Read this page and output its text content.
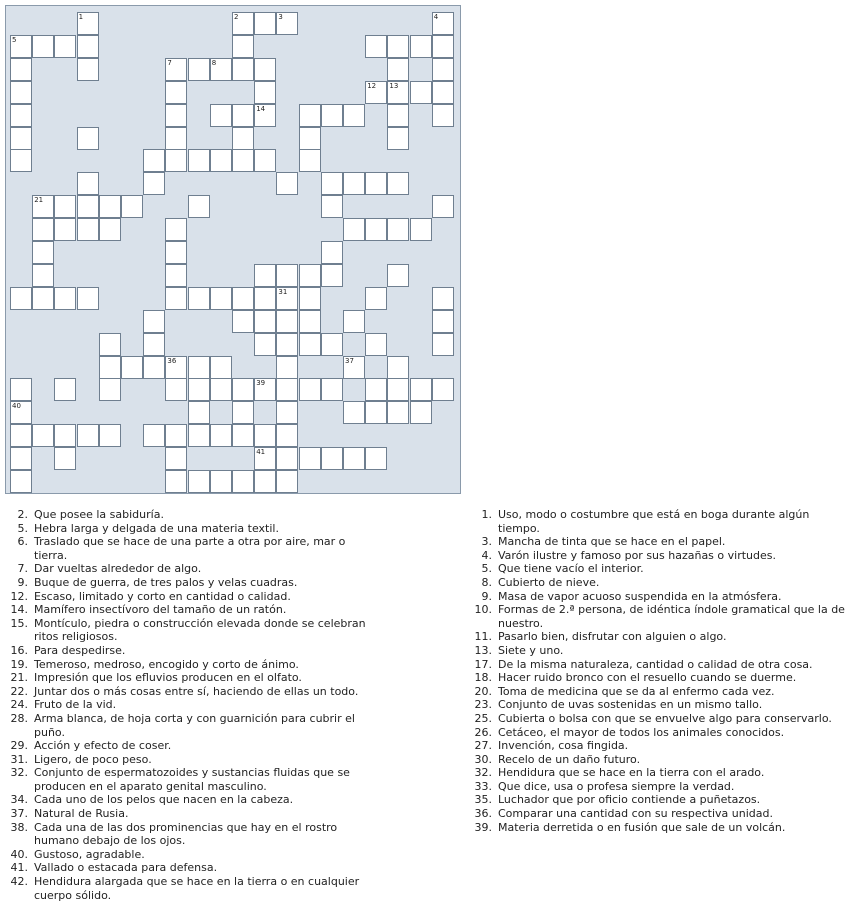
1	2	3	4
5
7	8
12 13
14
21
31
36	37
39
40
41
2. Que posee la sabiduría.
5. Hebra larga y delgada de una materia textil.
6. Traslado que se hace de una parte a otra por aire, mar o tierra.
7. Dar vueltas alrededor de algo.
9. Buque de guerra, de tres palos y velas cuadras.
12. Escaso, limitado y corto en cantidad o calidad.
14. Mamífero insectívoro del tamaño de un ratón.
15. Montículo, piedra o construcción elevada donde se celebran ritos religiosos.
16. Para despedirse.
19. Temeroso, medroso, encogido y corto de ánimo.
21. Impresión que los efluvios producen en el olfato.
22. Juntar dos o más cosas entre sí, haciendo de ellas un todo.
24. Fruto de la vid.
28. Arma blanca, de hoja corta y con guarnición para cubrir el puño.
29. Acción y efecto de coser.
31. Ligero, de poco peso.
32. Conjunto de espermatozoides y sustancias fluidas que se producen en el aparato genital masculino.
34. Cada uno de los pelos que nacen en la cabeza.
37. Natural de Rusia.
38. Cada una de las dos prominencias que hay en el rostro humano debajo de los ojos.
40. Gustoso, agradable.
41. Vallado o estacada para defensa.
42. Hendidura alargada que se hace en la tierra o en cualquier cuerpo sólido.
1. Uso, modo o costumbre que está en boga durante algún tiempo.
3. Mancha de tinta que se hace en el papel.
4. Varón ilustre y famoso por sus hazañas o virtudes.
5. Que tiene vacío el interior.
8. Cubierto de nieve.
9. Masa de vapor acuoso suspendida en la atmósfera.
10. Formas de 2.ª persona, de idéntica índole gramatical que la de nuestro.
11. Pasarlo bien, disfrutar con alguien o algo.
13. Siete y uno.
17. De la misma naturaleza, cantidad o calidad de otra cosa.
18. Hacer ruido bronco con el resuello cuando se duerme.
20. Toma de medicina que se da al enfermo cada vez.
23. Conjunto de uvas sostenidas en un mismo tallo.
25. Cubierta o bolsa con que se envuelve algo para conservarlo.
26. Cetáceo, el mayor de todos los animales conocidos.
27. Invención, cosa fingida.
30. Recelo de un daño futuro.
32. Hendidura que se hace en la tierra con el arado.
33. Que dice, usa o profesa siempre la verdad.
35. Luchador que por oficio contiende a puñetazos.
36. Comparar una cantidad con su respectiva unidad.
39. Materia derretida o en fusión que sale de un volcán.
